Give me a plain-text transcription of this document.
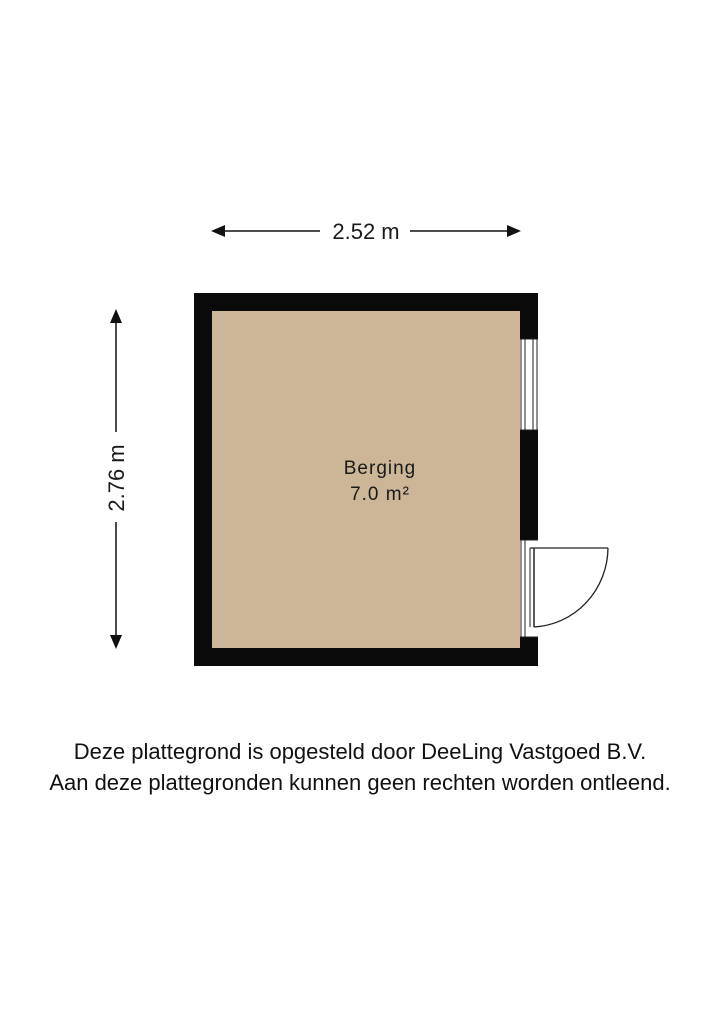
2.52 m
2.76 m	Berging
7.0 m²
Deze plattegrond is opgesteld door DeeLing Vastgoed B.V.
Aan deze plattegronden kunnen geen rechten worden ontleend.
